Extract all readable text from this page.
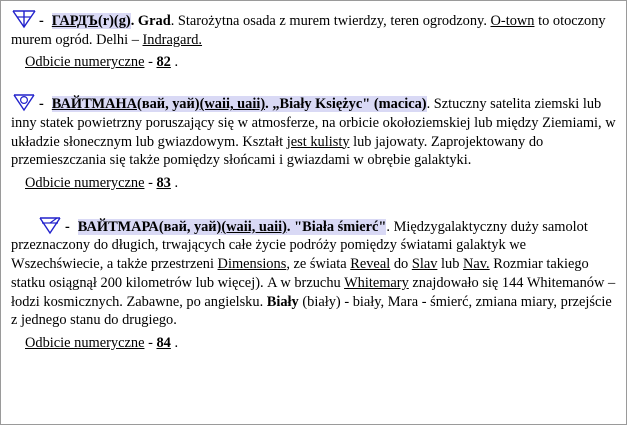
- ГАРДЪ(r)(g). Grad. Starożytna osada z murem twierdzy, teren ogrodzony. O-town to otoczony murem ogród. Delhi – Indragard.
Odbicie numeryczne - 82 .
- ВАЙТМАНА(вай, уай)(waii, uaii). „Biały Księżyc" (macica). Sztuczny satelita ziemski lub inny statek powietrzny poruszający się w atmosferze, na orbicie okołoziemskiej lub między Ziemiami, w układzie słonecznym lub gwiazdowym. Kształt jest kulisty lub jajowaty. Zaprojektowany do przemieszczania się także pomiędzy słońcami i gwiazdami w obrębie galaktyki.
Odbicie numeryczne - 83 .
- ВАЙТМАРА(вай, уай)(waii, uaii). "Biała śmierć". Międzygalaktyczny duży samolot przeznaczony do długich, trwających całe życie podróży pomiędzy światami galaktyk we Wszechświecie, a także przestrzeni Dimensions, ze świata Reveal do Slav lub Nav. Rozmiar takiego statku osiągnął 200 kilometrów lub więcej). A w brzuchu Whitemary znajdowało się 144 Whitemanów – łodzi kosmicznych. Zabawne, po angielsku. Biały (biały) - biały, Mara - śmierć, zmiana miary, przejście z jednego stanu do drugiego.
Odbicie numeryczne - 84 .
